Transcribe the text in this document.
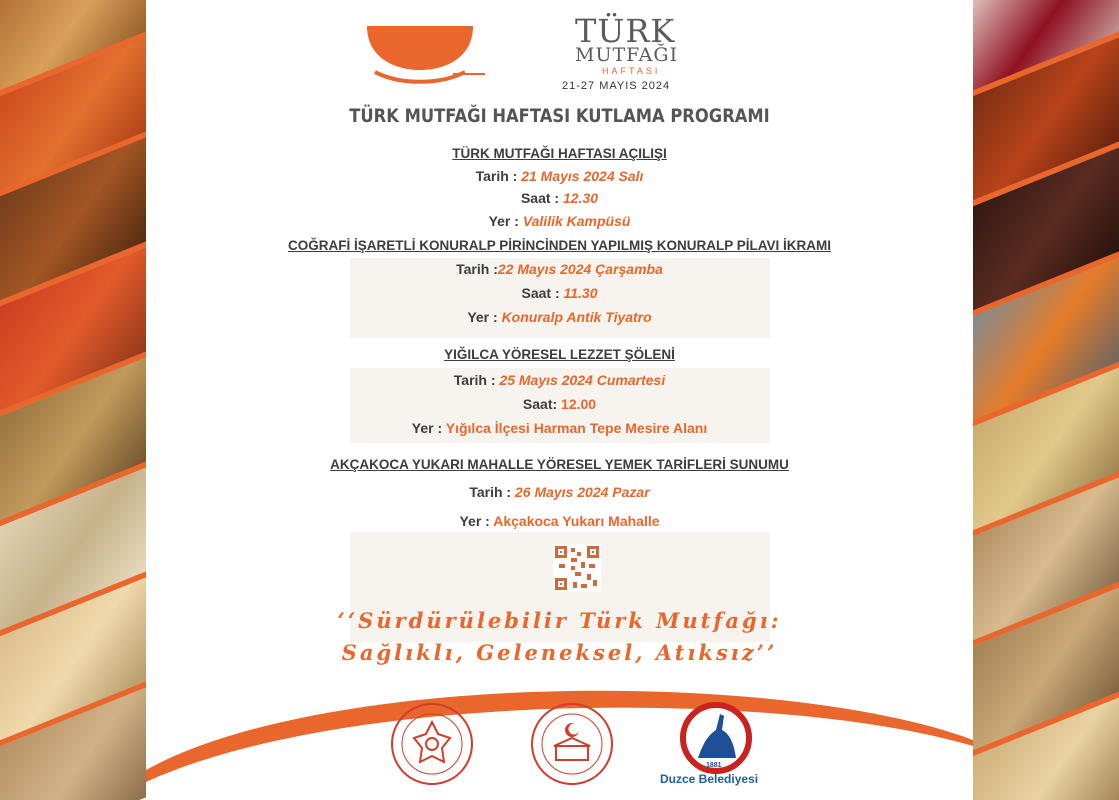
TÜRK
MUTFAĞI
HAFTASI
21-27 MAYIS 2024
TÜRK MUTFAĞI HAFTASI KUTLAMA PROGRAMI
TÜRK MUTFAĞI HAFTASI AÇILIŞI
Tarih : 21 Mayıs 2024 Salı
Saat : 12.30
Yer : Valilik Kampüsü
COĞRAFİ İŞARETLİ KONURALP PİRİNCİNDEN YAPILMIŞ KONURALP PİLAVI İKRAMI
Tarih :22 Mayıs 2024 Çarşamba
Saat : 11.30
Yer : Konuralp Antik Tiyatro
YIĞILCA YÖRESEL LEZZET ŞÖLENİ
Tarih : 25 Mayıs 2024 Cumartesi
Saat: 12.00
Yer : Yığılca İlçesi Harman Tepe Mesire Alanı
AKÇAKOCA YUKARI MAHALLE YÖRESEL YEMEK TARİFLERİ SUNUMU
Tarih : 26 Mayıs 2024 Pazar
Yer : Akçakoca Yukarı Mahalle
‘‘Sürdürülebilir Türk Mutfağı:
Sağlıklı, Geleneksel, Atıksız’’
Duzce Belediyesi
1881
